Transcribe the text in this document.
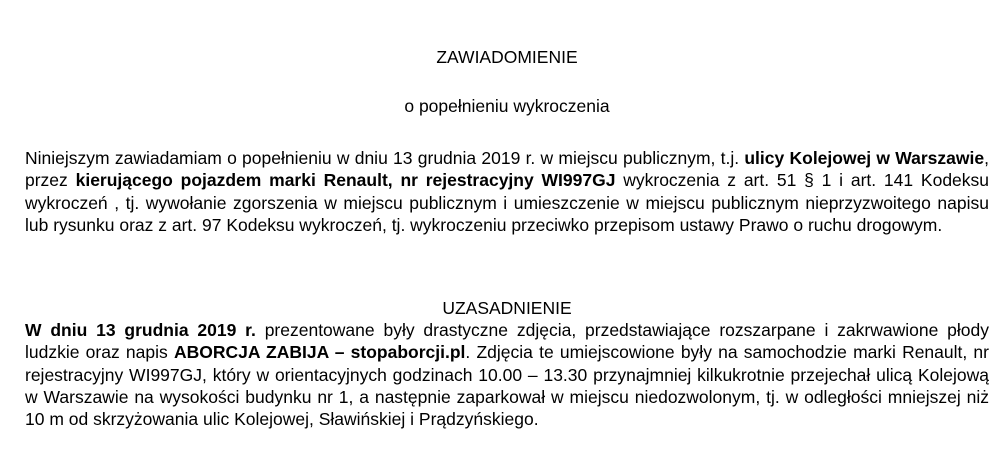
ZAWIADOMIENIE
o popełnieniu wykroczenia

Niniejszym zawiadamiam o popełnieniu w dniu 13 grudnia 2019 r. w miejscu publicznym, t.j. ulicy Kolejowej w Warszawie, przez kierującego pojazdem marki Renault, nr rejestracyjny WI997GJ wykroczenia z art. 51 § 1 i art. 141 Kodeksu wykroczeń , tj. wywołanie zgorszenia w miejscu publicznym i umieszczenie w miejscu publicznym nieprzyzwoitego napisu lub rysunku oraz z art. 97 Kodeksu wykroczeń, tj. wykroczeniu przeciwko przepisom ustawy Prawo o ruchu drogowym.

UZASADNIENIE

W dniu 13 grudnia 2019 r. prezentowane były drastyczne zdjęcia, przedstawiające rozszarpane i zakrwawione płody ludzkie oraz napis ABORCJA ZABIJA – stopaborcji.pl. Zdjęcia te umiejscowione były na samochodzie marki Renault, nr rejestracyjny WI997GJ, który w orientacyjnych godzinach 10.00 – 13.30 przynajmniej kilkukrotnie przejechał ulicą Kolejową w Warszawie na wysokości budynku nr 1, a następnie zaparkował w miejscu niedozwolonym, tj. w odległości mniejszej niż 10 m od skrzyżowania ulic Kolejowej, Sławińskiej i Prądzyńskiego.
